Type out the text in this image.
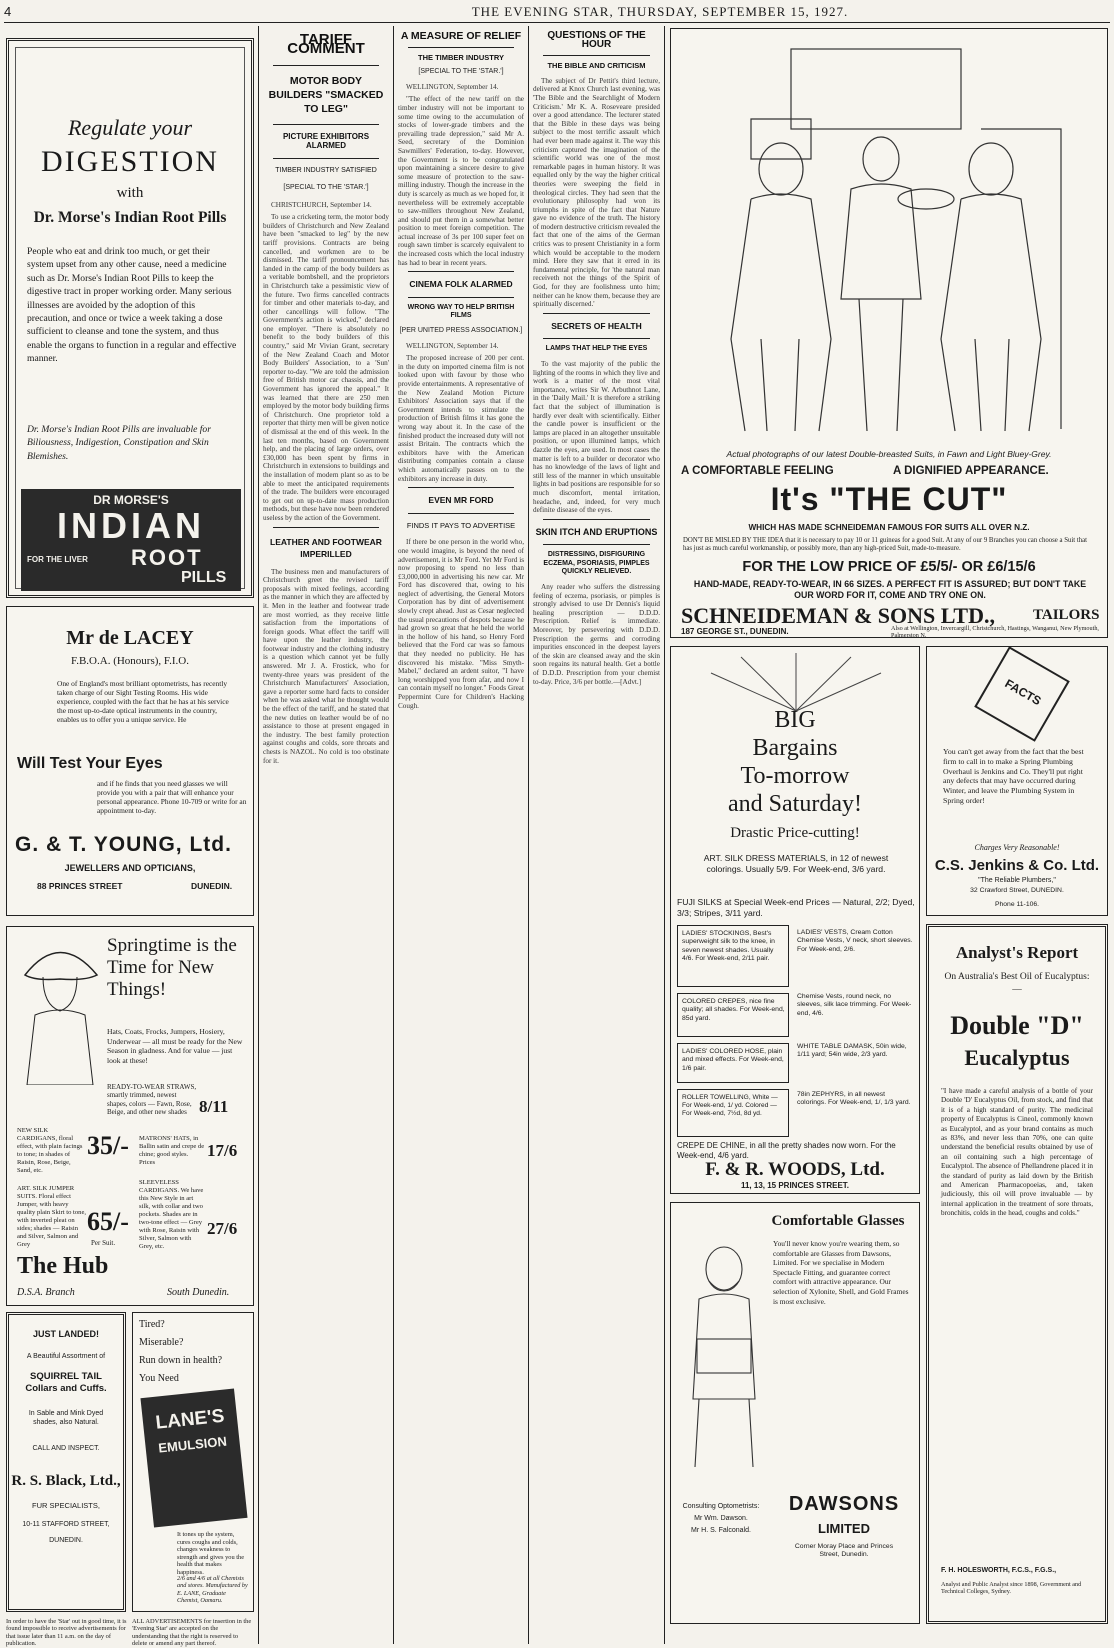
4	THE EVENING STAR, THURSDAY, SEPTEMBER 15, 1927.
Regulate your
DIGESTION
with
Dr. Morse's Indian Root Pills
People who eat and drink too much, or get their system upset from any other cause, need a medicine such as Dr. Morse's Indian Root Pills to keep the digestive tract in proper working order. Many serious illnesses are avoided by the adoption of this precaution, and once or twice a week taking a dose sufficient to cleanse and tone the system, and thus enable the organs to function in a regular and effective manner.
Dr. Morse's Indian Root Pills are invaluable for Biliousness, Indigestion, Constipation and Skin Blemishes.
DR MORSE'S
INDIAN
FOR THE LIVER ROOT
PILLS
Mr de LACEY
F.B.O.A. (Honours), F.I.O.
One of England's most brilliant optometrists, has recently taken charge of our Sight Testing Rooms. His wide experience, coupled with the fact that he has at his service the most up-to-date optical instruments in the country, enables us to offer you a unique service. He
Will Test Your Eyes
and if he finds that you need glasses we will provide you with a pair that will enhance your personal appearance. Phone 10-709 or write for an appointment to-day.
G. & T. YOUNG, Ltd.
JEWELLERS AND OPTICIANS,
88 PRINCES STREET	DUNEDIN.
Springtime is the Time for New Things!
Hats, Coats, Frocks, Jumpers, Hosiery, Underwear — all must be ready for the New Season in gladness. And for value — just look at these!
READY-TO-WEAR STRAWS, smartly trimmed, newest shapes, colors — Fawn, Rose, Beige, and other new shades 8/11
NEW SILK CARDIGANS, floral effect, with plain facings to tone; in shades of Raisin, Rose, Beige, Sand, etc.
35/- MATRONS' HATS, in Ballin satin and crepe de chine; good styles. Prices
17/6
ART. SILK JUMPER SUITS. Floral effect Jumper, with heavy quality plain Skirt to tone, with inverted pleat on sides; shades — Raisin and Silver, Salmon and Grey
65/-
Per Suit.
SLEEVELESS CARDIGANS. We have this New Style in art silk, with collar and two pockets. Shades are in two-tone effect — Grey with Rose, Raisin with Silver, Salmon with Grey, etc.
27/6
The Hub
D.S.A. Branch	South Dunedin.
JUST LANDED!
A Beautiful Assortment of
SQUIRREL TAIL Collars and Cuffs.
In Sable and Mink Dyed shades, also Natural.
CALL AND INSPECT.
R. S. Black, Ltd.,
FUR SPECIALISTS,
10-11 STAFFORD STREET,
DUNEDIN.
Tired?
Miserable?
Run down in health?
You Need
LANE'S
EMULSION
It tones up the system, cures coughs and colds, changes weakness to strength and gives you the health that makes happiness.
2/6 and 4/6 at all Chemists and stores. Manufactured by E. LANE, Graduate Chemist, Oamaru.
In order to have the 'Star' out in good time, it is found impossible to receive advertisements for that issue later than 11 a.m. on the day of publication.
ALL ADVERTISEMENTS for insertion in the 'Evening Star' are accepted on the understanding that the right is reserved to delete or amend any part thereof.
TARIFF COMMENT
MOTOR BODY BUILDERS "SMACKED TO LEG"
PICTURE EXHIBITORS ALARMED
TIMBER INDUSTRY SATISFIED
[SPECIAL TO THE 'STAR.']

CHRISTCHURCH, September 14.

To use a cricketing term, the motor body builders of Christchurch and New Zealand have been "smacked to leg" by the new tariff provisions. Contracts are being cancelled, and workmen are to be dismissed. The tariff pronouncement has landed in the camp of the body builders as a veritable bombshell, and the proprietors in Christchurch take a pessimistic view of the future. Two firms cancelled contracts for timber and other materials to-day, and other cancellings will follow. "The Government's action is wicked," declared one employer. "There is absolutely no benefit to the body builders of this country," said Mr Vivian Grant, secretary of the New Zealand Coach and Motor Body Builders' Association, to a 'Sun' reporter to-day. "We are told the admission free of British motor car chassis, and the Government has ignored the appeal." It was learned that there are 250 men employed by the motor body building firms of Christchurch. One proprietor told a reporter that thirty men will be given notice of dismissal at the end of this week. In the last ten months, based on Government help, and the placing of large orders, over £30,000 has been spent by firms in Christchurch in extensions to buildings and the installation of modern plant so as to be able to meet the anticipated requirements of the trade. The builders were encouraged to get out on up-to-date mass production methods, but these have now been rendered useless by the action of the Government.

LEATHER AND FOOTWEAR IMPERILLED

The business men and manufacturers of Christchurch greet the revised tariff proposals with mixed feelings, according as the manner in which they are affected by it. Men in the leather and footwear trade are most worried, as they receive little satisfaction from the importations of foreign goods. What effect the tariff will have upon the leather industry, the footwear industry and the clothing industry is a question which cannot yet be fully answered. Mr J. A. Frostick, who for twenty-three years was president of the Christchurch Manufacturers' Association, gave a reporter some hard facts to consider when he was asked what he thought would be the effect of the tariff, and he stated that the new duties on leather would be of no assistance to those at present engaged in the industry. The best family protection against coughs and colds, sore throats and chests is NAZOL. No cold is too obstinate for it.

A MEASURE OF RELIEF
THE TIMBER INDUSTRY
[SPECIAL TO THE 'STAR.']

WELLINGTON, September 14.

"The effect of the new tariff on the timber industry will not be important to some time owing to the accumulation of stocks of lower-grade timbers and the prevailing trade depression," said Mr A. Seed, secretary of the Dominion Sawmillers' Federation, to-day. However, the Government is to be congratulated upon maintaining a sincere desire to give some measure of protection to the saw-milling industry. Though the increase in the duty is scarcely as much as we hoped for, it nevertheless will be extremely acceptable to saw-millers throughout New Zealand, and should put them in a somewhat better position to meet foreign competition. The actual increase of 3s per 100 super feet on rough sawn timber is scarcely equivalent to the increased costs which the local industry has had to bear in recent years.

CINEMA FOLK ALARMED
WRONG WAY TO HELP BRITISH FILMS
[PER UNITED PRESS ASSOCIATION.]

WELLINGTON, September 14.

The proposed increase of 200 per cent. in the duty on imported cinema film is not looked upon with favour by those who provide entertainments. A representative of the New Zealand Motion Picture Exhibitors' Association says that if the Government intends to stimulate the production of British films it has gone the wrong way about it. In the case of the finished product the increased duty will not assist Britain. The contracts which the exhibitors have with the American distributing companies contain a clause which automatically passes on to the exhibitors any increase in duty.

EVEN MR FORD
FINDS IT PAYS TO ADVERTISE

If there be one person in the world who, one would imagine, is beyond the need of advertisement, it is Mr Ford. Yet Mr Ford is now proposing to spend no less than £3,000,000 in advertising his new car. Mr Ford has discovered that, owing to his neglect of advertising, the General Motors Corporation has by dint of advertisement slowly crept ahead. Just as Cesar neglected the usual precautions of despots because he had grown so great that he held the world in the hollow of his hand, so Henry Ford believed that the Ford car was so famous that they needed no publicity. He has discovered his mistake. "Miss Smyth-Mabel," declared an ardent suitor, "I have long worshipped you from afar, and now I can contain myself no longer." Foods Great Peppermint Cure for Children's Hacking Cough.

QUESTIONS OF THE HOUR
THE BIBLE AND CRITICISM

The subject of Dr Pettit's third lecture, delivered at Knox Church last evening, was 'The Bible and the Searchlight of Modern Criticism.' Mr K. A. Roseveare presided over a good attendance. The lecturer stated that the Bible in these days was being subject to the most terrific assault which had ever been made against it. The way this criticism captured the imagination of the scientific world was one of the most remarkable pages in human history. It was equalled only by the way the higher critical theories were sweeping the field in theological circles. They had seen that the evolutionary philosophy had won its triumphs in spite of the fact that Nature gave no evidence of the truth. The history of modern destructive criticism revealed the fact that one of the aims of the German critics was to present Christianity in a form which would be acceptable to the modern mind. Here they saw that it erred in its fundamental principle, for 'the natural man receiveth not the things of the Spirit of God, for they are foolishness unto him; neither can he know them, because they are spiritually discerned.'

SECRETS OF HEALTH
LAMPS THAT HELP THE EYES

To the vast majority of the public the lighting of the rooms in which they live and work is a matter of the most vital importance, writes Sir W. Arbuthnot Lane, in the 'Daily Mail.' It is therefore a striking fact that the subject of illumination is hardly ever dealt with scientifically. Either the candle power is insufficient or the lamps are placed in an altogether unsuitable position, or upon illumined lamps, which dazzle the eyes, are used. In most cases the matter is left to a builder or decorator who has no knowledge of the laws of light and still less of the manner in which unsuitable lights in bad positions are responsible for so much discomfort, mental irritation, headache, and, indeed, for very much definite disease of the eyes.

SKIN ITCH AND ERUPTIONS
DISTRESSING, DISFIGURING ECZEMA, PSORIASIS, PIMPLES QUICKLY RELIEVED.

Any reader who suffers the distressing feeling of eczema, psoriasis, or pimples is strongly advised to use Dr Dennis's liquid healing prescription — D.D.D. Prescription. Relief is immediate. Moreover, by persevering with D.D.D. Prescription the germs and corroding impurities ensconced in the deepest layers of the skin are cleansed away and the skin soon regains its natural health. Get a bottle of D.D.D. Prescription from your chemist to-day. Price, 3/6 per bottle.—[Advt.]

Actual photographs of our latest Double-breasted Suits, in Fawn and Light Bluey-Grey.
A COMFORTABLE FEELING	A DIGNIFIED APPEARANCE.
It's "THE CUT"
WHICH HAS MADE SCHNEIDEMAN FAMOUS FOR SUITS ALL OVER N.Z.
DON'T BE MISLED BY THE IDEA that it is necessary to pay 10 or 11 guineas for a good Suit. At any of our 9 Branches you can choose a Suit that has just as much careful workmanship, or possibly more, than any high-priced Suit, made-to-measure.
FOR THE LOW PRICE OF £5/5/- OR £6/15/6
HAND-MADE, READY-TO-WEAR, IN 66 SIZES. A PERFECT FIT IS ASSURED; BUT DON'T TAKE OUR WORD FOR IT, COME AND TRY ONE ON.
SCHNEIDEMAN & SONS LTD.,	TAILORS
187 GEORGE ST., DUNEDIN.	Also at Wellington, Invercargill, Christchurch, Hastings, Wanganui, New Plymouth, Palmerston N.
BIG
Bargains
To-morrow
and Saturday!
Drastic Price-cutting!
ART. SILK DRESS MATERIALS, in 12 of newest colorings. Usually 5/9. For Week-end, 3/6 yard.
FUJI SILKS at Special Week-end Prices — Natural, 2/2; Dyed, 3/3; Stripes, 3/11 yard.
LADIES' STOCKINGS, Best's superweight silk to the knee, in seven newest shades. Usually 4/6. For Week-end, 2/11 pair.
LADIES' VESTS, Cream Cotton Chemise Vests, V neck, short sleeves. For Week-end, 2/6.
COLORED CREPES, nice fine quality; all shades. For Week-end, 85d yard.
Chemise Vests, round neck, no sleeves, silk lace trimming. For Week-end, 4/6.
LADIES' COLORED HOSE, plain and mixed effects. For Week-end, 1/6 pair.
WHITE TABLE DAMASK, 50in wide, 1/11 yard; 54in wide, 2/3 yard.
ROLLER TOWELLING, White — For Week-end, 1/ yd. Colored — For Week-end, 7½d, 8d yd.
78in ZEPHYRS, in all newest colorings. For Week-end, 1/, 1/3 yard.
CREPE DE CHINE, in all the pretty shades now worn. For the Week-end, 4/6 yard.
F. & R. WOODS, Ltd.
11, 13, 15 PRINCES STREET.
FACTS
You can't get away from the fact that the best firm to call in to make a Spring Plumbing Overhaul is Jenkins and Co. They'll put right any defects that may have occurred during Winter, and leave the Plumbing System in Spring order!
Charges Very Reasonable!
C.S. Jenkins & Co. Ltd.
"The Reliable Plumbers,"
32 Crawford Street, DUNEDIN.
Phone 11-106.
Analyst's Report
On Australia's Best Oil of Eucalyptus:—
Double "D"
Eucalyptus
"I have made a careful analysis of a bottle of your Double 'D' Eucalyptus Oil, from stock, and find that it is of a high standard of purity. The medicinal property of Eucalyptus is Cineol, commonly known as Eucalyptol, and as your brand contains as much as 83%, and never less than 70%, one can quite understand the beneficial results obtained by use of an oil containing such a high percentage of Eucalyptol. The absence of Phellandrene placed it in the standard of purity as laid down by the British and American Pharmacopoeias, and, taken judiciously, this oil will prove invaluable — by internal application in the treatment of sore throats, bronchitis, colds in the head, coughs and colds."
F. H. HOLESWORTH, F.C.S., F.G.S.,
Analyst and Public Analyst since 1898, Government and Technical Colleges, Sydney.
Comfortable Glasses
You'll never know you're wearing them, so comfortable are Glasses from Dawsons, Limited. For we specialise in Modern Spectacle Fitting, and guarantee correct comfort with attractive appearance. Our selection of Xylonite, Shell, and Gold Frames is most exclusive.
Consulting Optometrists:
Mr Wm. Dawson.
Mr H. S. Falconald.
DAWSONS
LIMITED
Corner Moray Place and Princes Street, Dunedin.
